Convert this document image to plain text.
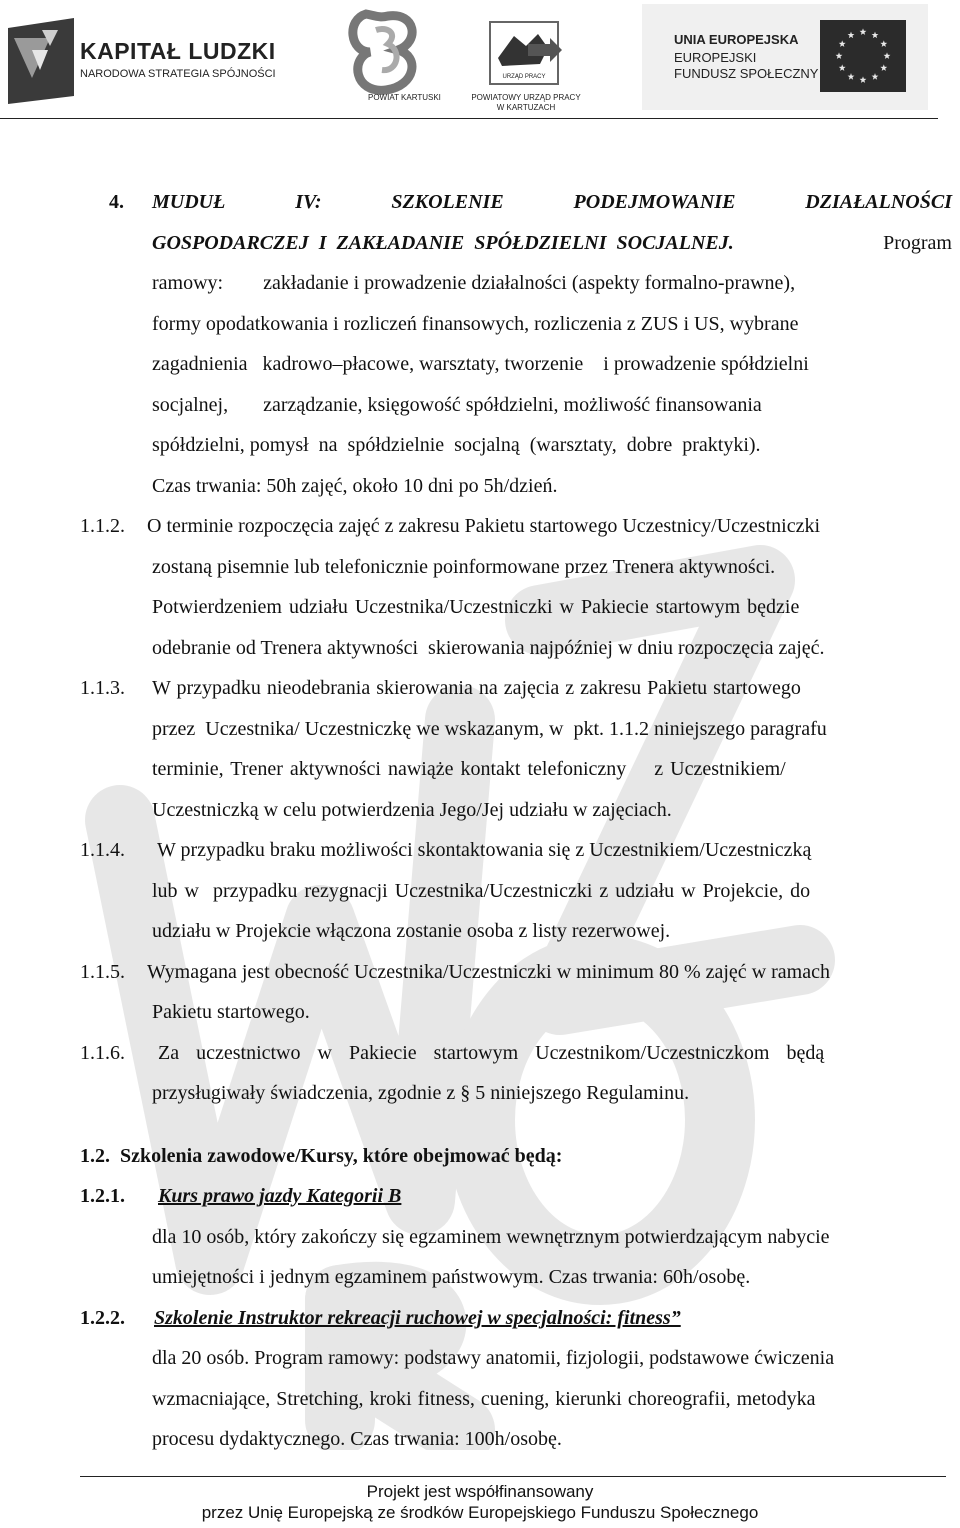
KAPITAŁ LUDZKI
NARODOWA STRATEGIA SPÓJNOŚCI
POWIAT KARTUSKI
URZĄD PRACY
POWIATOWY URZĄD PRACY W KARTUZACH
UNIA EUROPEJSKA
EUROPEJSKI
FUNDUSZ SPOŁECZNY
4. MUDUŁ	IV:	SZKOLENIE	PODEJMOWANIE	DZIAŁALNOŚCI
GOSPODARCZEJ  I  ZAKŁADANIE  SPÓŁDZIELNI  SOCJALNEJ.	Program
ramowy:        zakładanie i prowadzenie działalności (aspekty formalno-prawne),
formy opodatkowania i rozliczeń finansowych, rozliczenia z ZUS i US, wybrane
zagadnienia   kadrowo–płacowe, warsztaty, tworzenie    i prowadzenie spółdzielni
socjalnej,       zarządzanie, księgowość spółdzielni, możliwość finansowania
spółdzielni, pomysł  na  spółdzielnie  socjalną  (warsztaty,  dobre  praktyki).
Czas trwania: 50h zajęć, około 10 dni po 5h/dzień.
1.1.2. O terminie rozpoczęcia zajęć z zakresu Pakietu startowego Uczestnicy/Uczestniczki
zostaną pisemnie lub telefonicznie poinformowane przez Trenera aktywności.
Potwierdzeniem udziału Uczestnika/Uczestniczki w Pakiecie startowym będzie
odebranie od Trenera aktywności  skierowania najpóźniej w dniu rozpoczęcia zajęć.
1.1.3. W przypadku nieodebrania skierowania na zajęcia z zakresu Pakietu startowego
przez  Uczestnika/ Uczestniczkę we wskazanym, w  pkt. 1.1.2 niniejszego paragrafu
terminie, Trener aktywności nawiąże kontakt telefoniczny    z Uczestnikiem/
Uczestniczką w celu potwierdzenia Jego/Jej udziału w zajęciach.
1.1.4. W przypadku braku możliwości skontaktowania się z Uczestnikiem/Uczestniczką
lub w  przypadku rezygnacji Uczestnika/Uczestniczki z udziału w Projekcie, do
udziału w Projekcie włączona zostanie osoba z listy rezerwowej.
1.1.5. Wymagana jest obecność Uczestnika/Uczestniczki w minimum 80 % zajęć w ramach
Pakietu startowego.
1.1.6. Za uczestnictwo w Pakiecie startowym Uczestnikom/Uczestniczkom będą
przysługiwały świadczenia, zgodnie z § 5 niniejszego Regulaminu.
1.2.  Szkolenia zawodowe/Kursy, które obejmować będą:
1.2.1. Kurs prawo jazdy Kategorii B
dla 10 osób, który zakończy się egzaminem wewnętrznym potwierdzającym nabycie
umiejętności i jednym egzaminem państwowym. Czas trwania: 60h/osobę.
1.2.2. Szkolenie Instruktor rekreacji ruchowej w specjalności: fitness”
dla 20 osób. Program ramowy: podstawy anatomii, fizjologii, podstawowe ćwiczenia
wzmacniające, Stretching, kroki fitness, cuening, kierunki choreografii, metodyka
procesu dydaktycznego. Czas trwania: 100h/osobę.
Projekt jest współfinansowany
przez Unię Europejską ze środków Europejskiego Funduszu Społecznego
